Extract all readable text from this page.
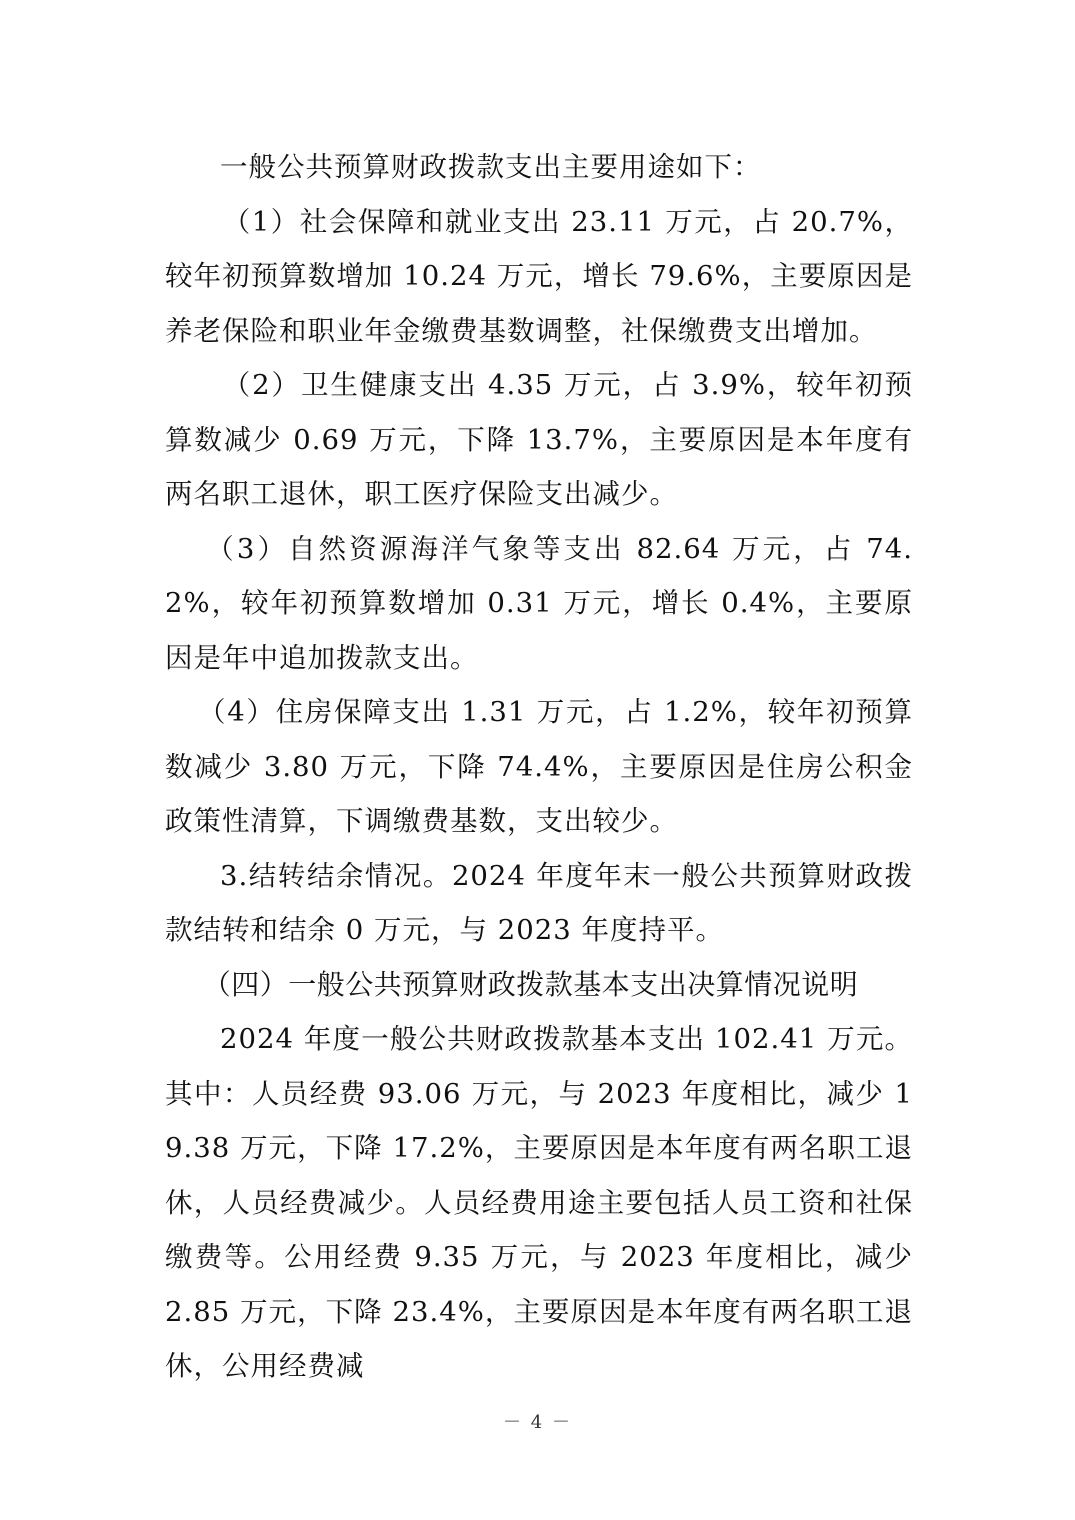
一般公共预算财政拨款支出主要用途如下：

（1）社会保障和就业支出 23.11 万元，占 20.7%，较年初预算数增加 10.24 万元，增长 79.6%，主要原因是养老保险和职业年金缴费基数调整，社保缴费支出增加。

（2）卫生健康支出 4.35 万元，占 3.9%，较年初预算数减少 0.69 万元，下降 13.7%，主要原因是本年度有两名职工退休，职工医疗保险支出减少。

（3）自然资源海洋气象等支出 82.64 万元，占 74.2%，较年初预算数增加 0.31 万元，增长 0.4%，主要原因是年中追加拨款支出。

（4）住房保障支出 1.31 万元，占 1.2%，较年初预算数减少 3.80 万元，下降 74.4%，主要原因是住房公积金政策性清算，下调缴费基数，支出较少。

3.结转结余情况。2024 年度年末一般公共预算财政拨款结转和结余 0 万元，与 2023 年度持平。

（四）一般公共预算财政拨款基本支出决算情况说明

2024 年度一般公共财政拨款基本支出 102.41 万元。其中：人员经费 93.06 万元，与 2023 年度相比，减少 19.38 万元，下降 17.2%，主要原因是本年度有两名职工退休，人员经费减少。人员经费用途主要包括人员工资和社保缴费等。公用经费 9.35 万元，与 2023 年度相比，减少 2.85 万元，下降 23.4%，主要原因是本年度有两名职工退休，公用经费减

－ 4 －
